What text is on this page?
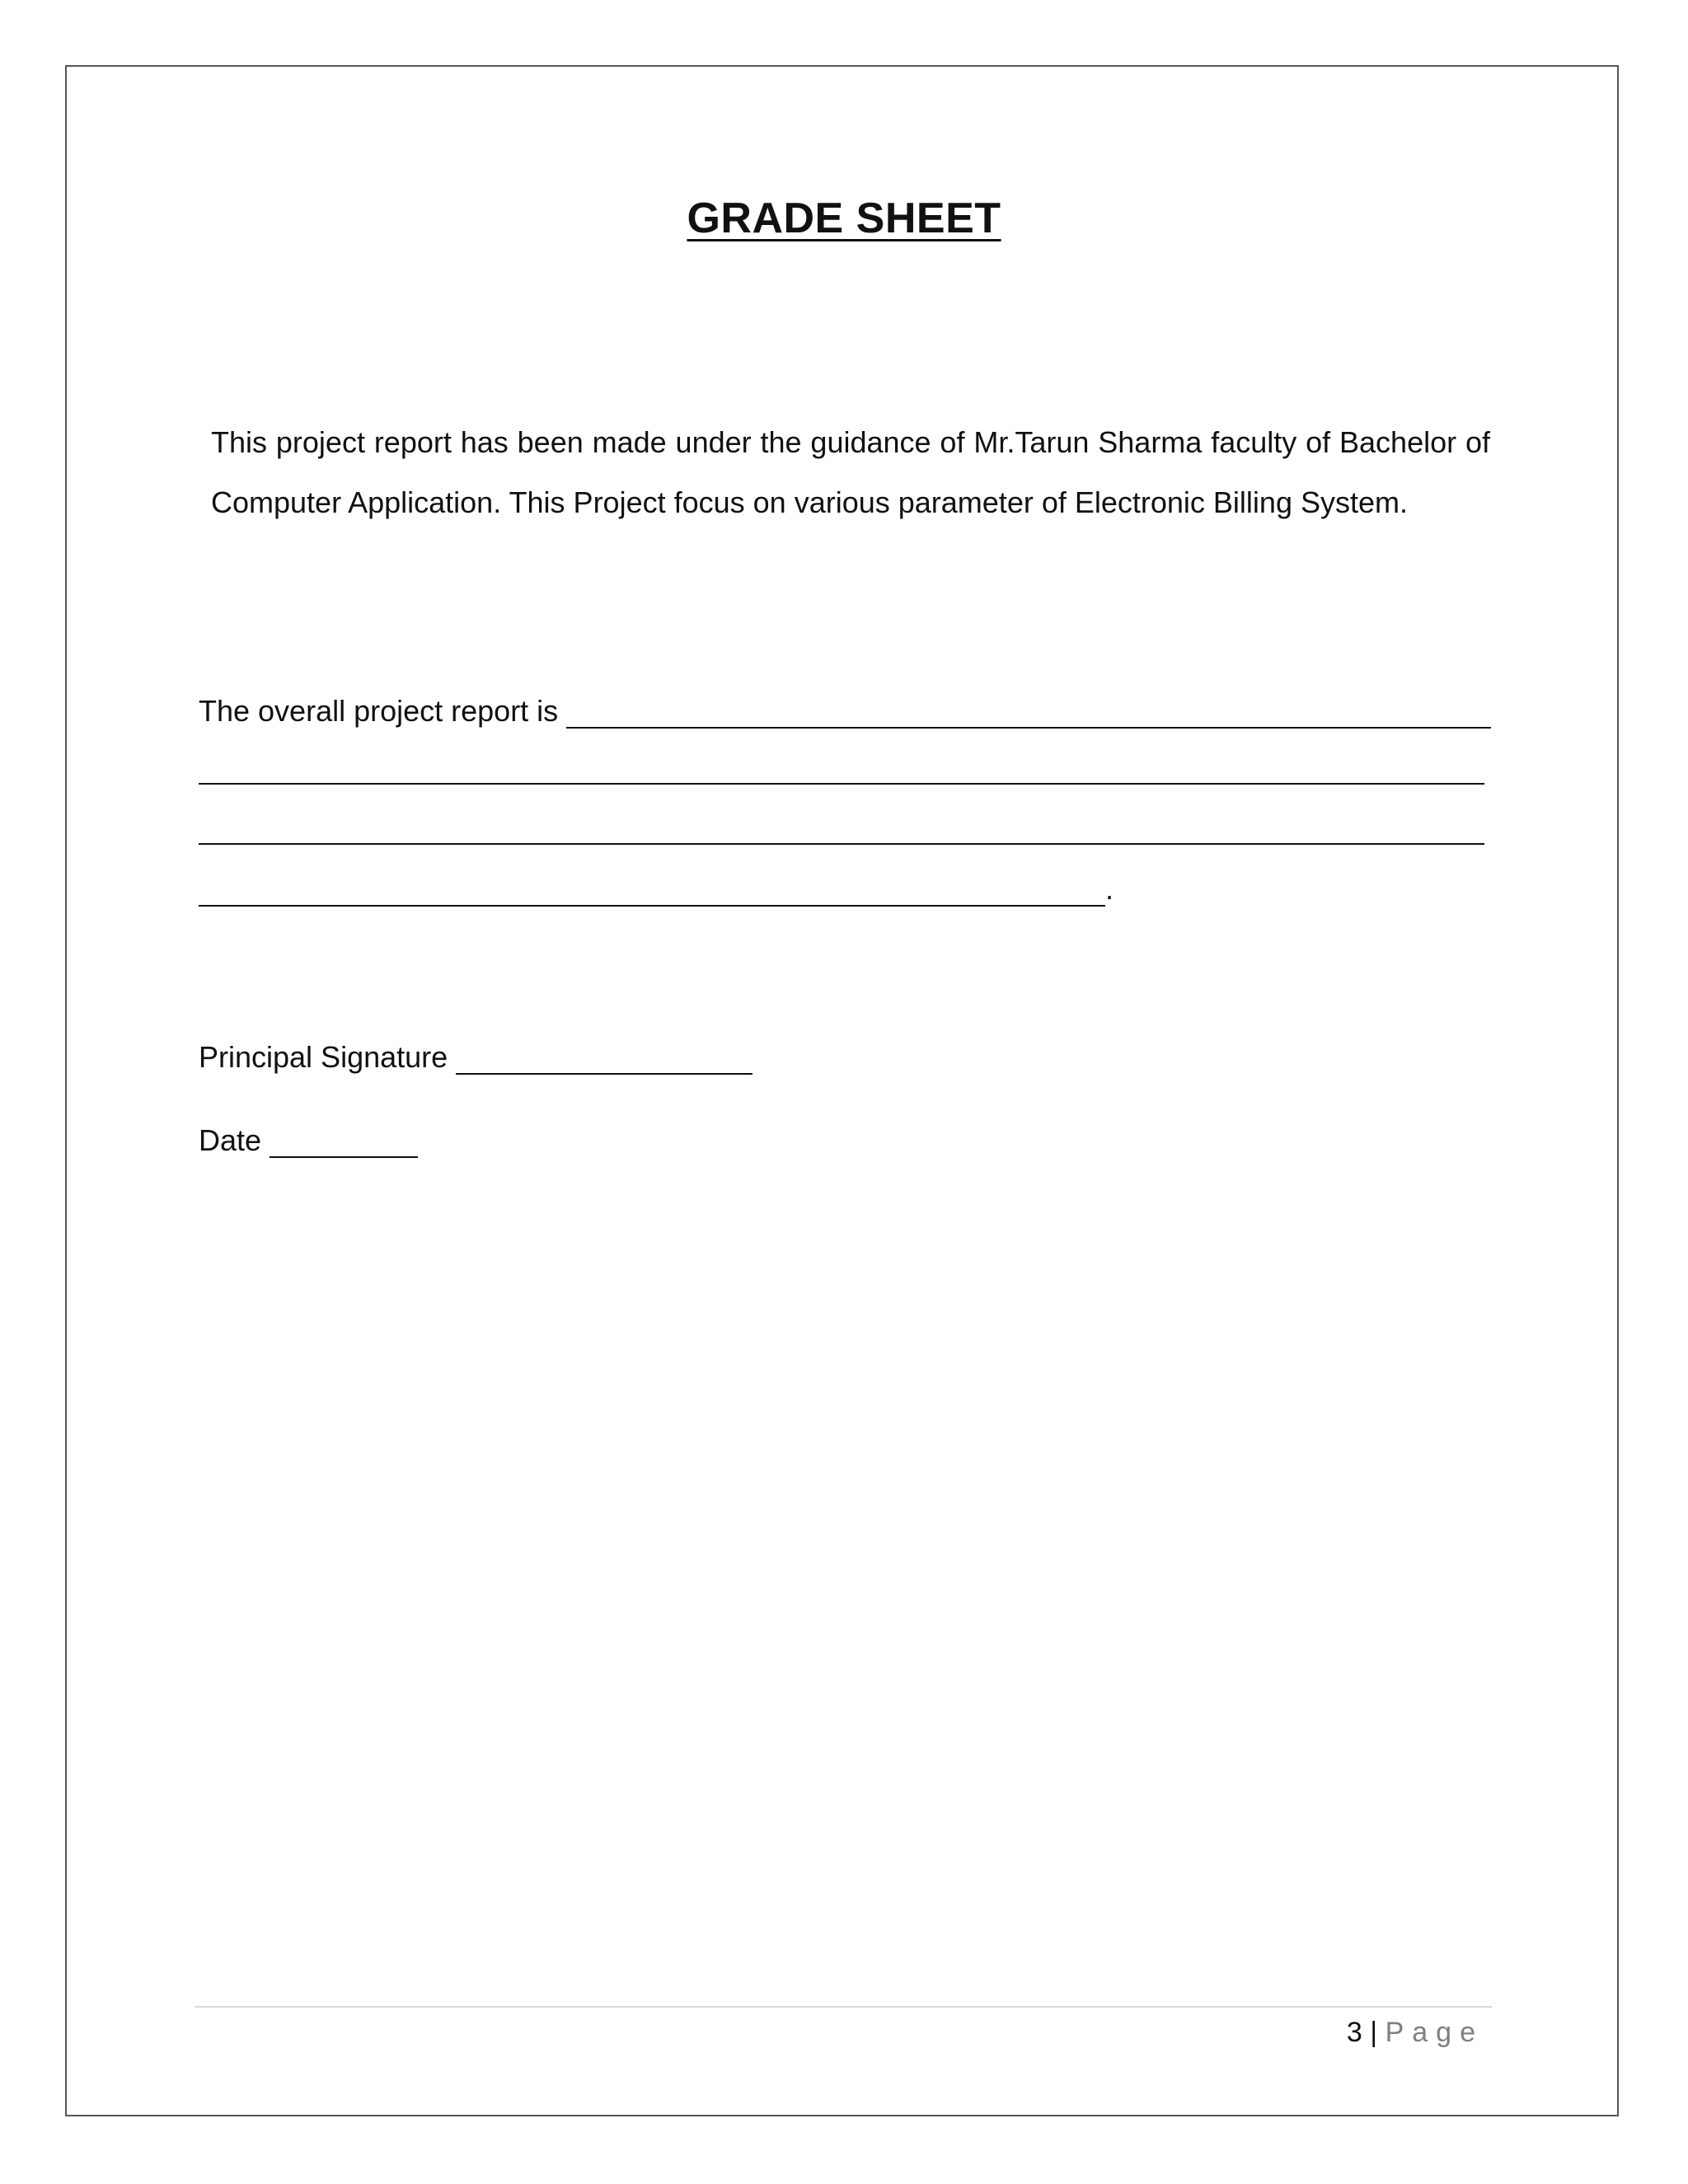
GRADE SHEET

This project report has been made under the guidance of Mr.Tarun Sharma faculty of Bachelor of Computer Application. This Project focus on various parameter of Electronic Billing System.

The overall project report is
.
Principal Signature
Date
3 | Page
